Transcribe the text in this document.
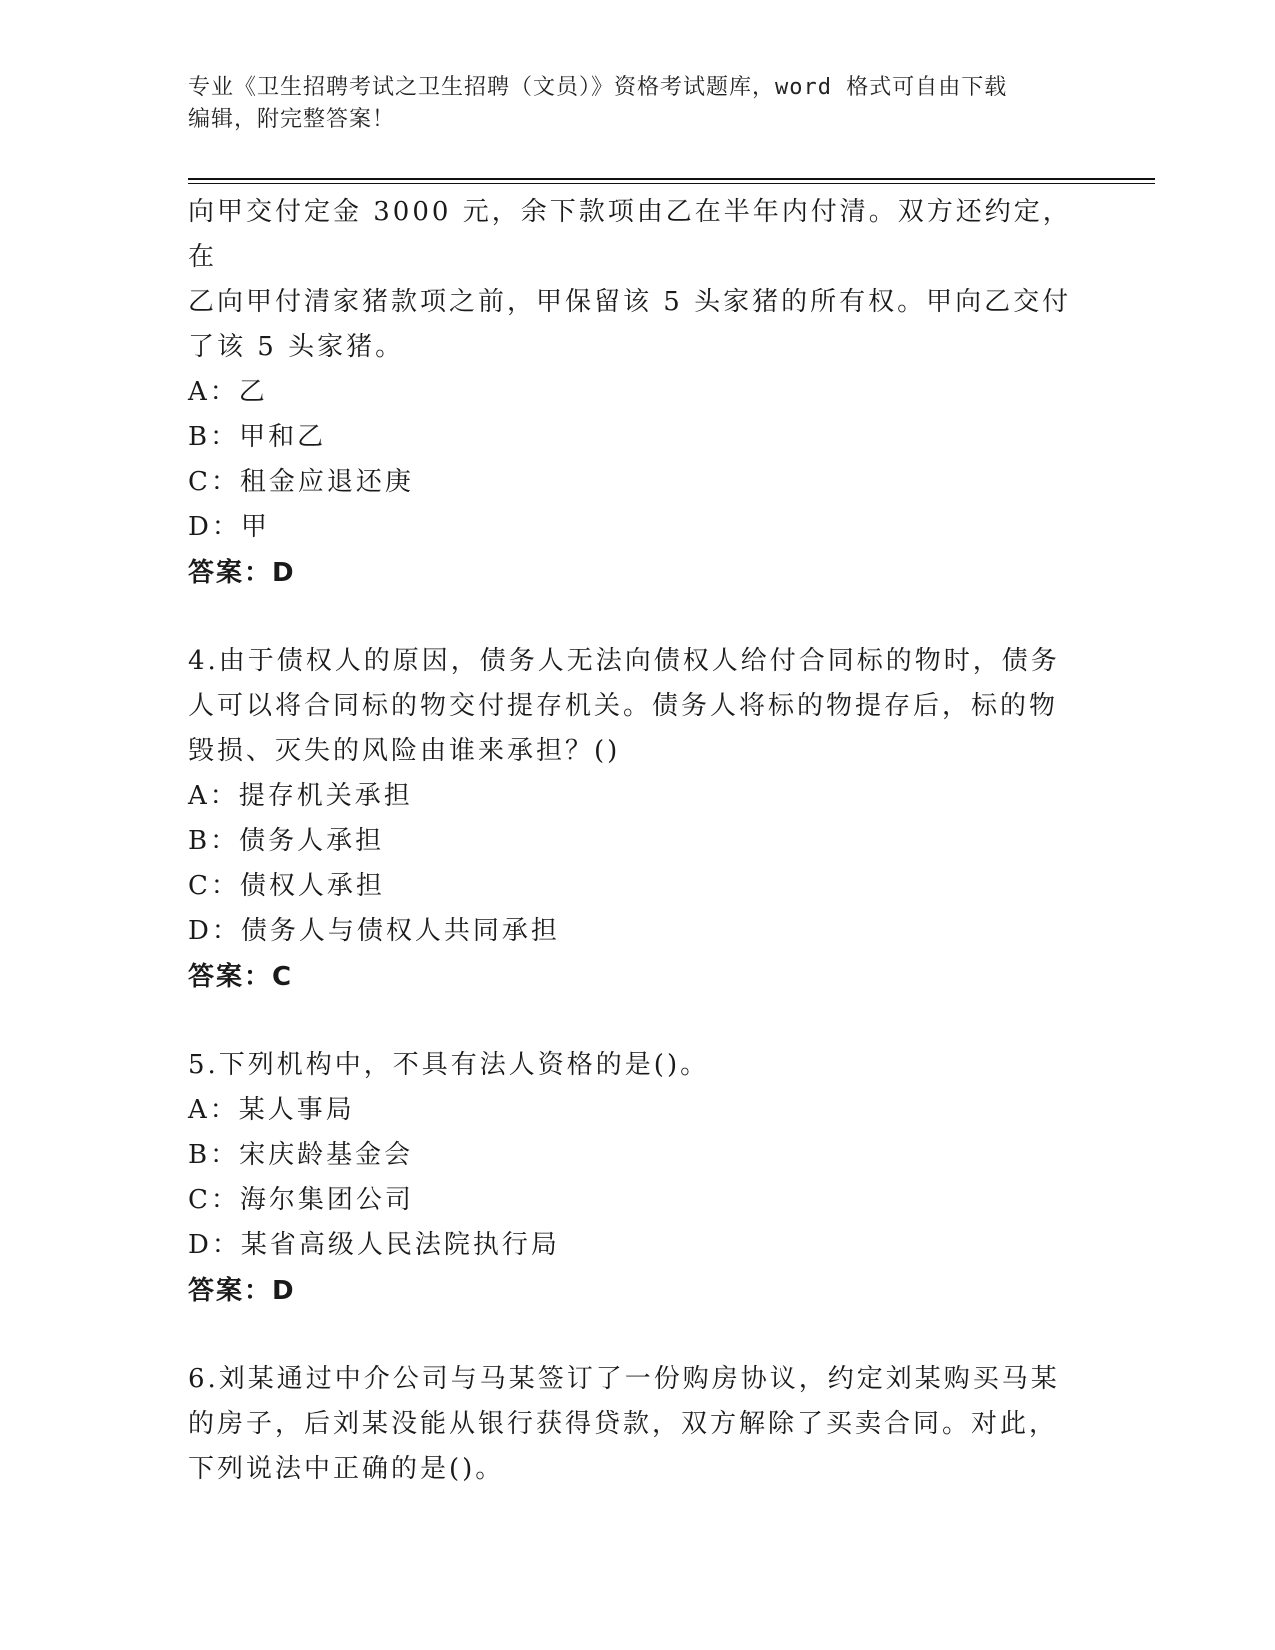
专业《卫生招聘考试之卫生招聘（文员）》资格考试题库，word 格式可自由下载
编辑，附完整答案！

向甲交付定金 3000 元，余下款项由乙在半年内付清。双方还约定，在

乙向甲付清家猪款项之前，甲保留该 5 头家猪的所有权。甲向乙交付

了该 5 头家猪。

A：乙

B：甲和乙

C：租金应退还庚

D：甲

答案：D

4.由于债权人的原因，债务人无法向债权人给付合同标的物时，债务

人可以将合同标的物交付提存机关。债务人将标的物提存后，标的物

毁损、灭失的风险由谁来承担？()

A：提存机关承担

B：债务人承担

C：债权人承担

D：债务人与债权人共同承担

答案：C

5.下列机构中，不具有法人资格的是()。

A：某人事局

B：宋庆龄基金会

C：海尔集团公司

D：某省高级人民法院执行局

答案：D

6.刘某通过中介公司与马某签订了一份购房协议，约定刘某购买马某

的房子，后刘某没能从银行获得贷款，双方解除了买卖合同。对此，

下列说法中正确的是()。
